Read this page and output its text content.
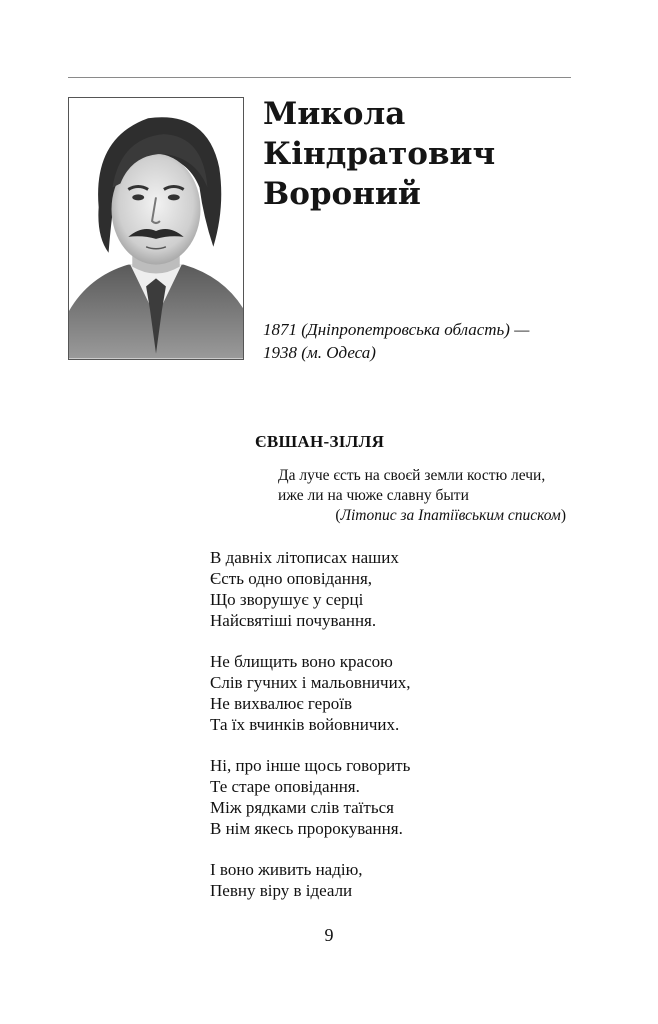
Микола
Кіндратович
Вороний
1871 (Дніпропетровська область) —
1938 (м. Одеса)
ЄВШАН-ЗІЛЛЯ
Да луче єсть на своєй земли костю лечи,
иже ли на чюже славну быти
(Літопис за Іпатіївським списком)
В давніх літописах наших
Єсть одно оповідання,
Що зворушує у серці
Найсвятіші почування.
Не блищить воно красою
Слів гучних і мальовничих,
Не вихвалює героїв
Та їх вчинків войовничих.
Ні, про інше щось говорить
Те старе оповідання.
Між рядками слів таїться
В нім якесь пророкування.
І воно живить надію,
Певну віру в ідеали
9
